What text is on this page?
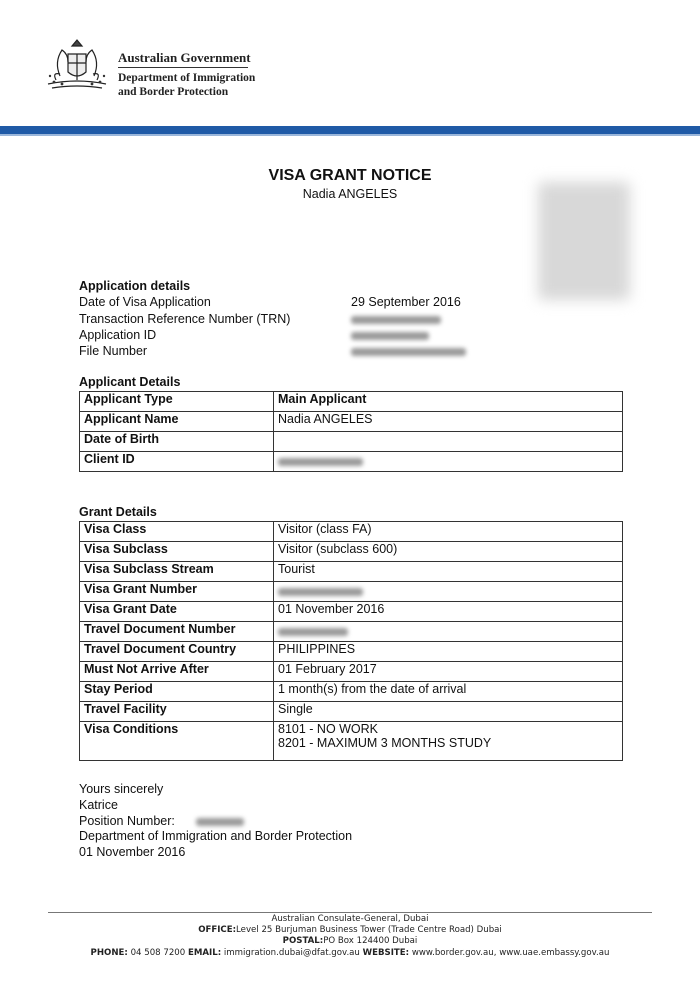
Australian Government
Department of Immigration
and Border Protection
VISA GRANT NOTICE
Nadia ANGELES
Application details
Date of Visa Application	29 September 2016
Transaction Reference Number (TRN)
Application ID
File Number
Applicant Details
Applicant Type	Main Applicant
Applicant Name	Nadia ANGELES
Date of Birth	
Client ID	
Grant Details
Visa Class	Visitor (class FA)
Visa Subclass	Visitor (subclass 600)
Visa Subclass Stream	Tourist
Visa Grant Number	
Visa Grant Date	01 November 2016
Travel Document Number	
Travel Document Country	PHILIPPINES
Must Not Arrive After	01 February 2017
Stay Period	1 month(s) from the date of arrival
Travel Facility	Single
Visa Conditions	8101 - NO WORK
8201 - MAXIMUM 3 MONTHS STUDY
Yours sincerely
Katrice
Position Number:
Department of Immigration and Border Protection
01 November 2016
Australian Consulate-General, Dubai
OFFICE:Level 25 Burjuman Business Tower (Trade Centre Road) Dubai
POSTAL:PO Box 124400 Dubai
PHONE: 04 508 7200 EMAIL: immigration.dubai@dfat.gov.au WEBSITE: www.border.gov.au, www.uae.embassy.gov.au
